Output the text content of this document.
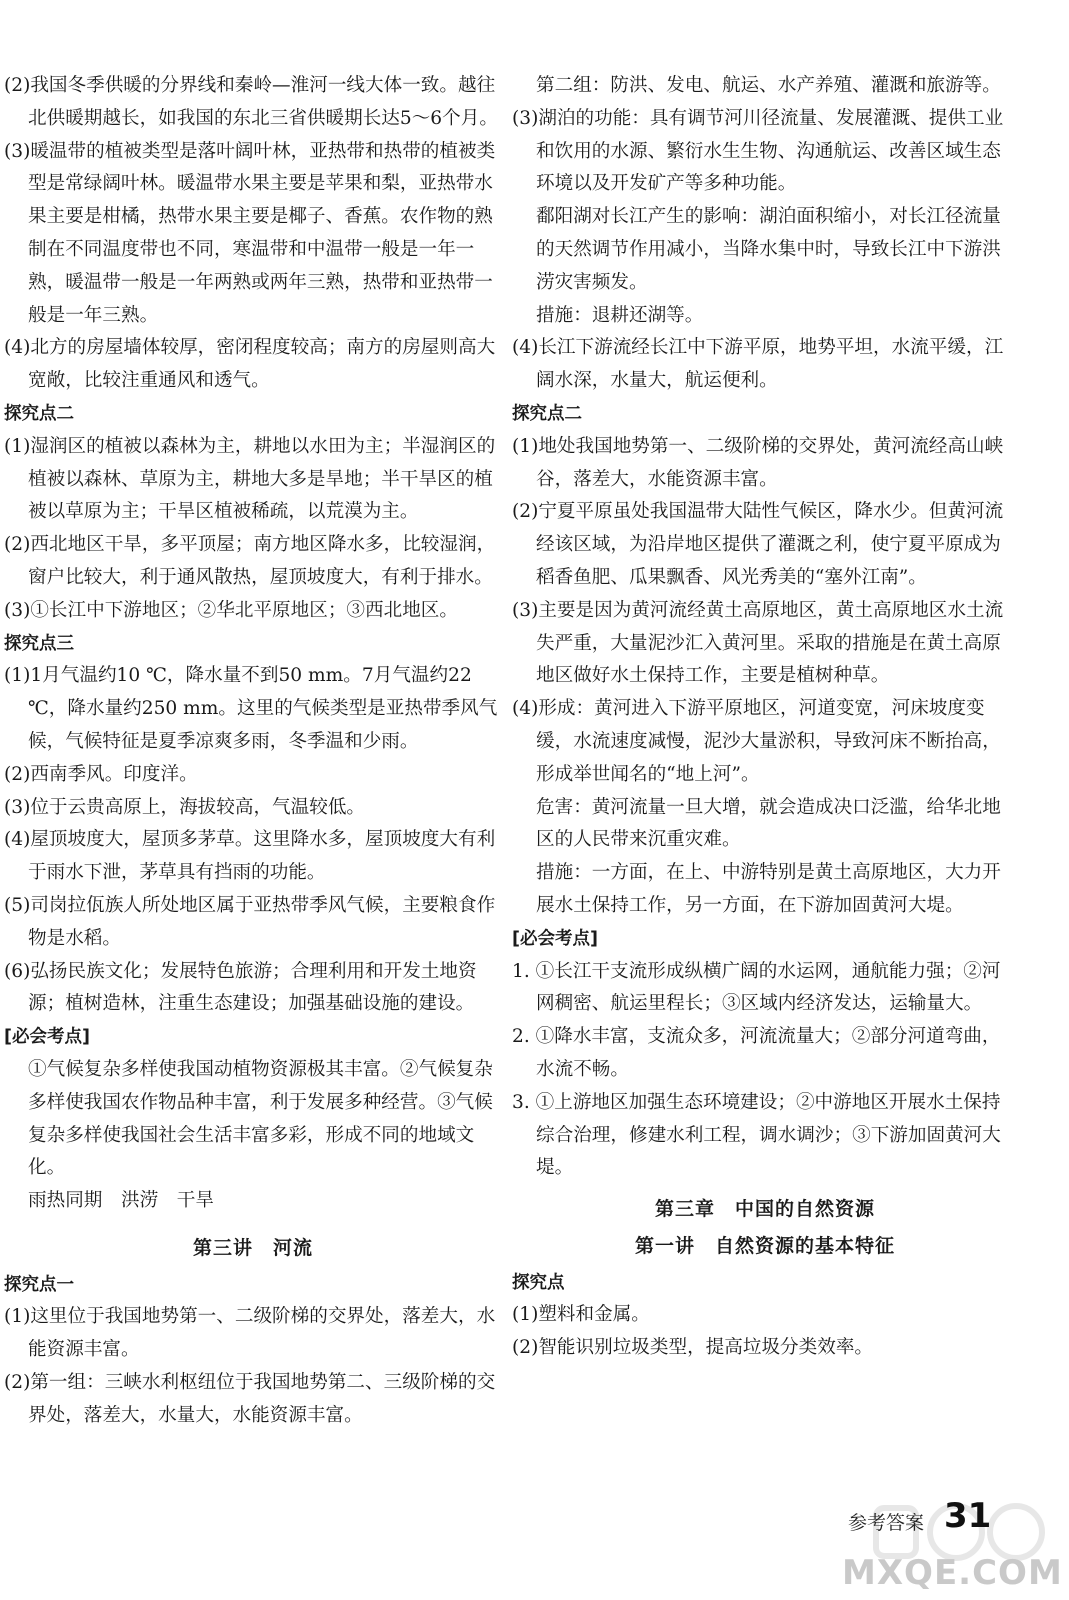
(2)我国冬季供暖的分界线和秦岭—淮河一线大体一致。越往北供暖期越长，如我国的东北三省供暖期长达5～6个月。

(3)暖温带的植被类型是落叶阔叶林，亚热带和热带的植被类型是常绿阔叶林。暖温带水果主要是苹果和梨，亚热带水果主要是柑橘，热带水果主要是椰子、香蕉。农作物的熟制在不同温度带也不同，寒温带和中温带一般是一年一熟，暖温带一般是一年两熟或两年三熟，热带和亚热带一般是一年三熟。

(4)北方的房屋墙体较厚，密闭程度较高；南方的房屋则高大宽敞，比较注重通风和透气。

探究点二

(1)湿润区的植被以森林为主，耕地以水田为主；半湿润区的植被以森林、草原为主，耕地大多是旱地；半干旱区的植被以草原为主；干旱区植被稀疏，以荒漠为主。

(2)西北地区干旱，多平顶屋；南方地区降水多，比较湿润，窗户比较大，利于通风散热，屋顶坡度大，有利于排水。

(3)①长江中下游地区；②华北平原地区；③西北地区。

探究点三

(1)1月气温约10 ℃，降水量不到50 mm。7月气温约22 ℃，降水量约250 mm。这里的气候类型是亚热带季风气候，气候特征是夏季凉爽多雨，冬季温和少雨。

(2)西南季风。印度洋。

(3)位于云贵高原上，海拔较高，气温较低。

(4)屋顶坡度大，屋顶多茅草。这里降水多，屋顶坡度大有利于雨水下泄，茅草具有挡雨的功能。

(5)司岗拉佤族人所处地区属于亚热带季风气候，主要粮食作物是水稻。

(6)弘扬民族文化；发展特色旅游；合理利用和开发土地资源；植树造林，注重生态建设；加强基础设施的建设。

[必会考点]

①气候复杂多样使我国动植物资源极其丰富。②气候复杂多样使我国农作物品种丰富，利于发展多种经营。③气候复杂多样使我国社会生活丰富多彩，形成不同的地域文化。

雨热同期　洪涝　干旱

第三讲　河流

探究点一

(1)这里位于我国地势第一、二级阶梯的交界处，落差大，水能资源丰富。

(2)第一组：三峡水利枢纽位于我国地势第二、三级阶梯的交界处，落差大，水量大，水能资源丰富。

第二组：防洪、发电、航运、水产养殖、灌溉和旅游等。

(3)湖泊的功能：具有调节河川径流量、发展灌溉、提供工业和饮用的水源、繁衍水生生物、沟通航运、改善区域生态环境以及开发矿产等多种功能。

鄱阳湖对长江产生的影响：湖泊面积缩小，对长江径流量的天然调节作用减小，当降水集中时，导致长江中下游洪涝灾害频发。

措施：退耕还湖等。

(4)长江下游流经长江中下游平原，地势平坦，水流平缓，江阔水深，水量大，航运便利。

探究点二

(1)地处我国地势第一、二级阶梯的交界处，黄河流经高山峡谷，落差大，水能资源丰富。

(2)宁夏平原虽处我国温带大陆性气候区，降水少。但黄河流经该区域，为沿岸地区提供了灌溉之利，使宁夏平原成为稻香鱼肥、瓜果飘香、风光秀美的“塞外江南”。

(3)主要是因为黄河流经黄土高原地区，黄土高原地区水土流失严重，大量泥沙汇入黄河里。采取的措施是在黄土高原地区做好水土保持工作，主要是植树种草。

(4)形成：黄河进入下游平原地区，河道变宽，河床坡度变缓，水流速度减慢，泥沙大量淤积，导致河床不断抬高，形成举世闻名的“地上河”。

危害：黄河流量一旦大增，就会造成决口泛滥，给华北地区的人民带来沉重灾难。

措施：一方面，在上、中游特别是黄土高原地区，大力开展水土保持工作，另一方面，在下游加固黄河大堤。

[必会考点]

1. ①长江干支流形成纵横广阔的水运网，通航能力强；②河网稠密、航运里程长；③区域内经济发达，运输量大。

2. ①降水丰富，支流众多，河流流量大；②部分河道弯曲，水流不畅。

3. ①上游地区加强生态环境建设；②中游地区开展水土保持综合治理，修建水利工程，调水调沙；③下游加固黄河大堤。

第三章　中国的自然资源

第一讲　自然资源的基本特征

探究点

(1)塑料和金属。

(2)智能识别垃圾类型，提高垃圾分类效率。

MXQE.COM
参考答案 31
